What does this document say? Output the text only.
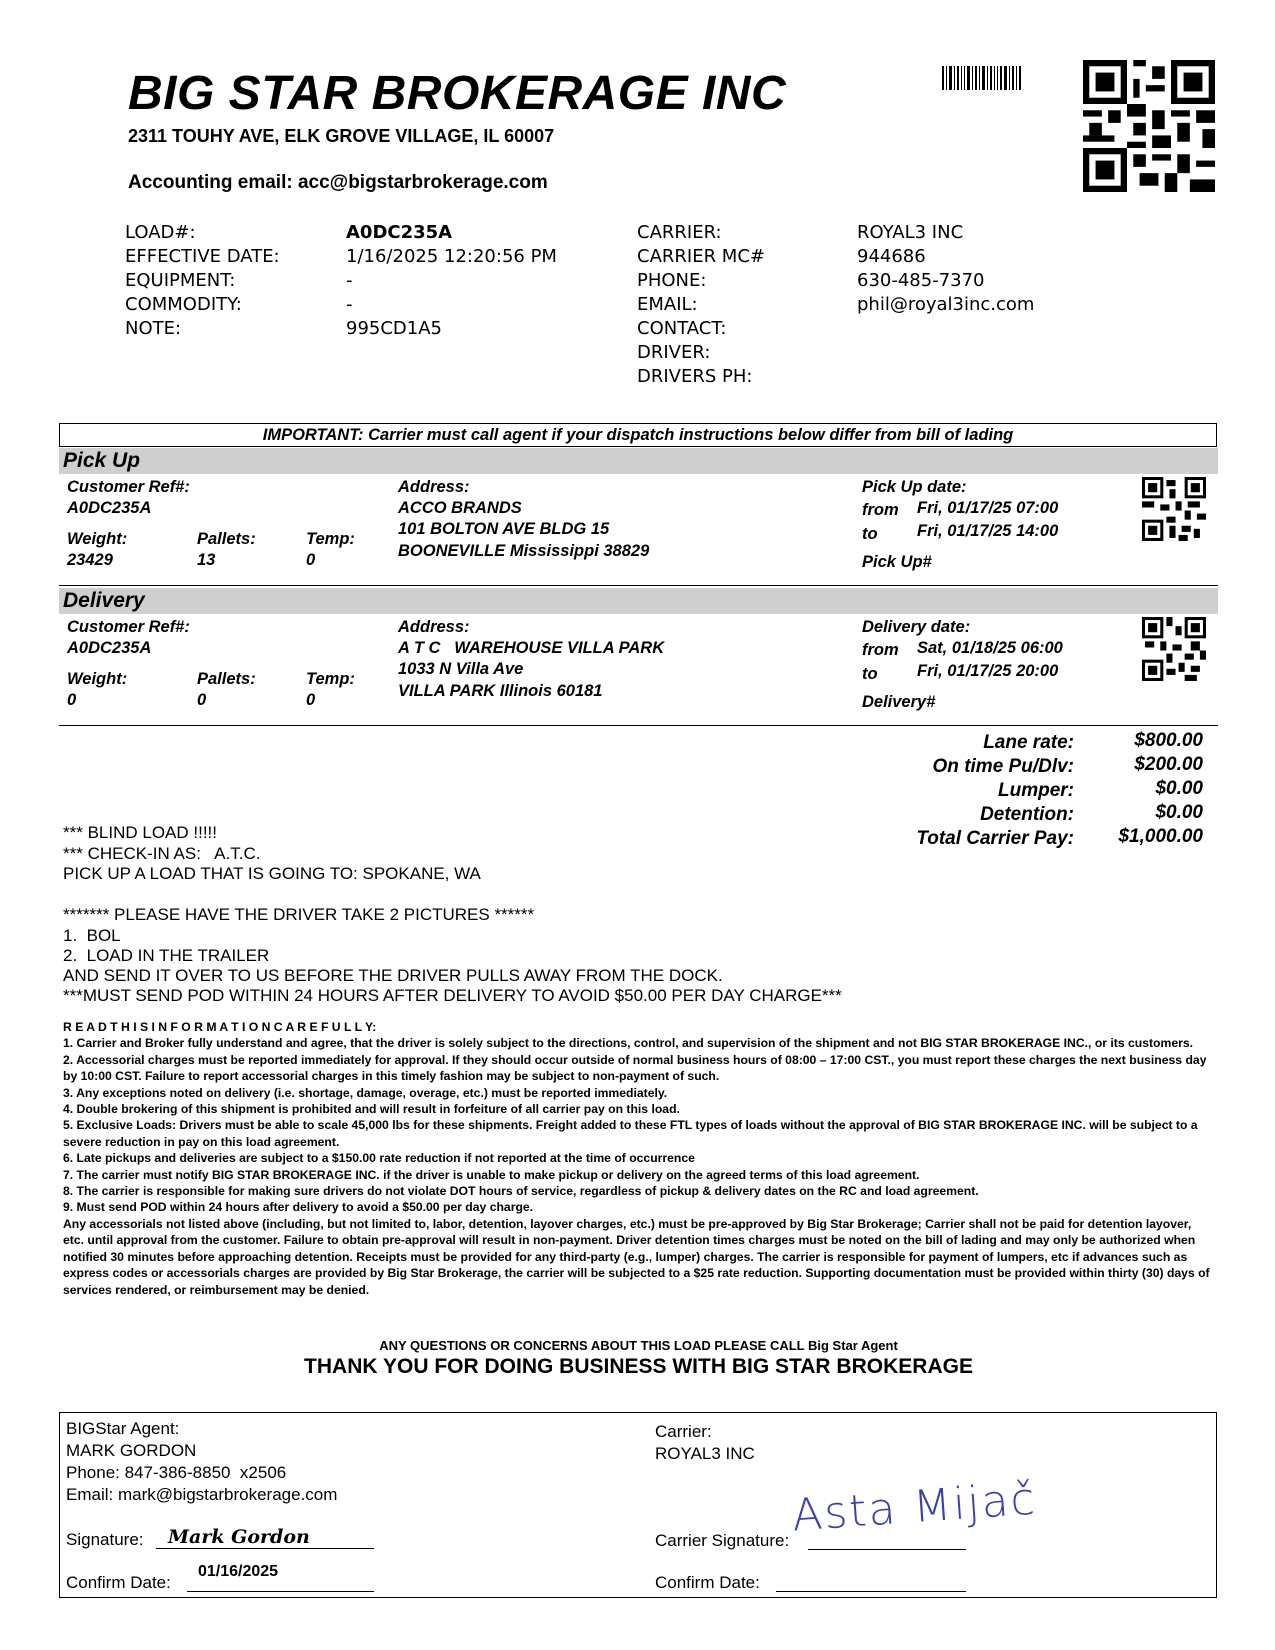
BIG STAR BROKERAGE INC
2311 TOUHY AVE, ELK GROVE VILLAGE, IL 60007
Accounting email: acc@bigstarbrokerage.com
LOAD#:	A0DC235A
EFFECTIVE DATE:	1/16/2025 12:20:56 PM
EQUIPMENT:	-
COMMODITY:	-
NOTE:	995CD1A5
CARRIER:	ROYAL3 INC
CARRIER MC#	944686
PHONE:	630-485-7370
EMAIL:	phil@royal3inc.com
CONTACT:
DRIVER:
DRIVERS PH:
IMPORTANT: Carrier must call agent if your dispatch instructions below differ from bill of lading
Pick Up
Customer Ref#:
A0DC235A
Weight:
23429
Pallets:
13
Temp:
0
Address:
ACCO BRANDS
101 BOLTON AVE BLDG 15
BOONEVILLE Mississippi 38829
Pick Up date:
from Fri, 01/17/25 07:00
to Fri, 01/17/25 14:00
Pick Up#
Delivery
Customer Ref#:
A0DC235A
Weight:
0
Pallets:
0
Temp:
0
Address:
A T C   WAREHOUSE VILLA PARK
1033 N Villa Ave
VILLA PARK Illinois 60181
Delivery date:
from Sat, 01/18/25 06:00
to Fri, 01/17/25 20:00
Delivery#
Lane rate:	$800.00
On time Pu/Dlv:	$200.00
Lumper:	$0.00
Detention:	$0.00
Total Carrier Pay:	$1,000.00
*** BLIND LOAD !!!!!
*** CHECK-IN AS:   A.T.C.
PICK UP A LOAD THAT IS GOING TO: SPOKANE, WA
******* PLEASE HAVE THE DRIVER TAKE 2 PICTURES ******
1.  BOL
2.  LOAD IN THE TRAILER
AND SEND IT OVER TO US BEFORE THE DRIVER PULLS AWAY FROM THE DOCK.
***MUST SEND POD WITHIN 24 HOURS AFTER DELIVERY TO AVOID $50.00 PER DAY CHARGE***
R E A D T H I S I N F O R M A T I O N C A R E F U L L Y:
1. Carrier and Broker fully understand and agree, that the driver is solely subject to the directions, control, and supervision of the shipment and not BIG STAR BROKERAGE INC., or its customers.
2. Accessorial charges must be reported immediately for approval. If they should occur outside of normal business hours of 08:00 – 17:00 CST., you must report these charges the next business day by 10:00 CST. Failure to report accessorial charges in this timely fashion may be subject to non-payment of such.
3. Any exceptions noted on delivery (i.e. shortage, damage, overage, etc.) must be reported immediately.
4. Double brokering of this shipment is prohibited and will result in forfeiture of all carrier pay on this load.
5. Exclusive Loads: Drivers must be able to scale 45,000 lbs for these shipments. Freight added to these FTL types of loads without the approval of BIG STAR BROKERAGE INC. will be subject to a severe reduction in pay on this load agreement.
6. Late pickups and deliveries are subject to a $150.00 rate reduction if not reported at the time of occurrence
7. The carrier must notify BIG STAR BROKERAGE INC. if the driver is unable to make pickup or delivery on the agreed terms of this load agreement.
8. The carrier is responsible for making sure drivers do not violate DOT hours of service, regardless of pickup & delivery dates on the RC and load agreement.
9. Must send POD within 24 hours after delivery to avoid a $50.00 per day charge.
Any accessorials not listed above (including, but not limited to, labor, detention, layover charges, etc.) must be pre-approved by Big Star Brokerage; Carrier shall not be paid for detention layover, etc. until approval from the customer. Failure to obtain pre-approval will result in non-payment. Driver detention times charges must be noted on the bill of lading and may only be authorized when notified 30 minutes before approaching detention. Receipts must be provided for any third-party (e.g., lumper) charges. The carrier is responsible for payment of lumpers, etc if advances such as express codes or accessorials charges are provided by Big Star Brokerage, the carrier will be subjected to a $25 rate reduction. Supporting documentation must be provided within thirty (30) days of services rendered, or reimbursement may be denied.
ANY QUESTIONS OR CONCERNS ABOUT THIS LOAD PLEASE CALL Big Star Agent
THANK YOU FOR DOING BUSINESS WITH BIG STAR BROKERAGE
BIGStar Agent:
MARK GORDON
Phone: 847-386-8850  x2506
Email: mark@bigstarbrokerage.com
Signature: Mark Gordon
Confirm Date:
01/16/2025
Carrier:
ROYAL3 INC
Asta Mijač
Carrier Signature:
Confirm Date:
